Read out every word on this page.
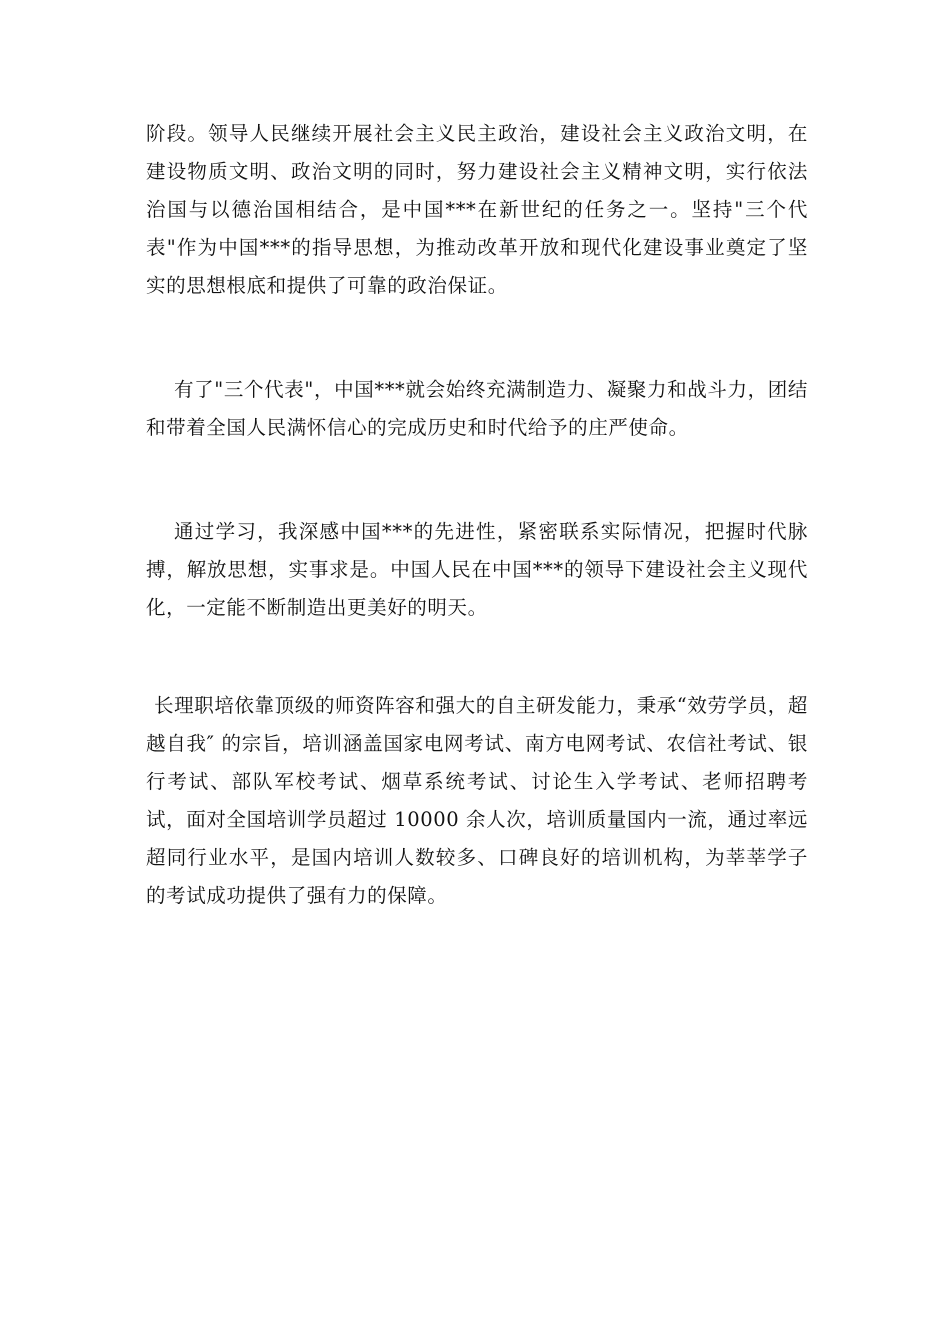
阶段。领导人民继续开展社会主义民主政治，建设社会主义政治文明，在建设物质文明、政治文明的同时，努力建设社会主义精神文明，实行依法治国与以德治国相结合，是中国***在新世纪的任务之一。坚持"三个代表"作为中国***的指导思想，为推动改革开放和现代化建设事业奠定了坚实的思想根底和提供了可靠的政治保证。

有了"三个代表"，中国***就会始终充满制造力、凝聚力和战斗力，团结和带着全国人民满怀信心的完成历史和时代给予的庄严使命。

通过学习，我深感中国***的先进性，紧密联系实际情况，把握时代脉搏，解放思想，实事求是。中国人民在中国***的领导下建设社会主义现代化，一定能不断制造出更美好的明天。

长理职培依靠顶级的师资阵容和强大的自主研发能力，秉承“效劳学员，超越自我″ 的宗旨，培训涵盖国家电网考试、南方电网考试、农信社考试、银行考试、部队军校考试、烟草系统考试、讨论生入学考试、老师招聘考试，面对全国培训学员超过 10000 余人次，培训质量国内一流，通过率远超同行业水平，是国内培训人数较多、口碑良好的培训机构，为莘莘学子的考试成功提供了强有力的保障。
